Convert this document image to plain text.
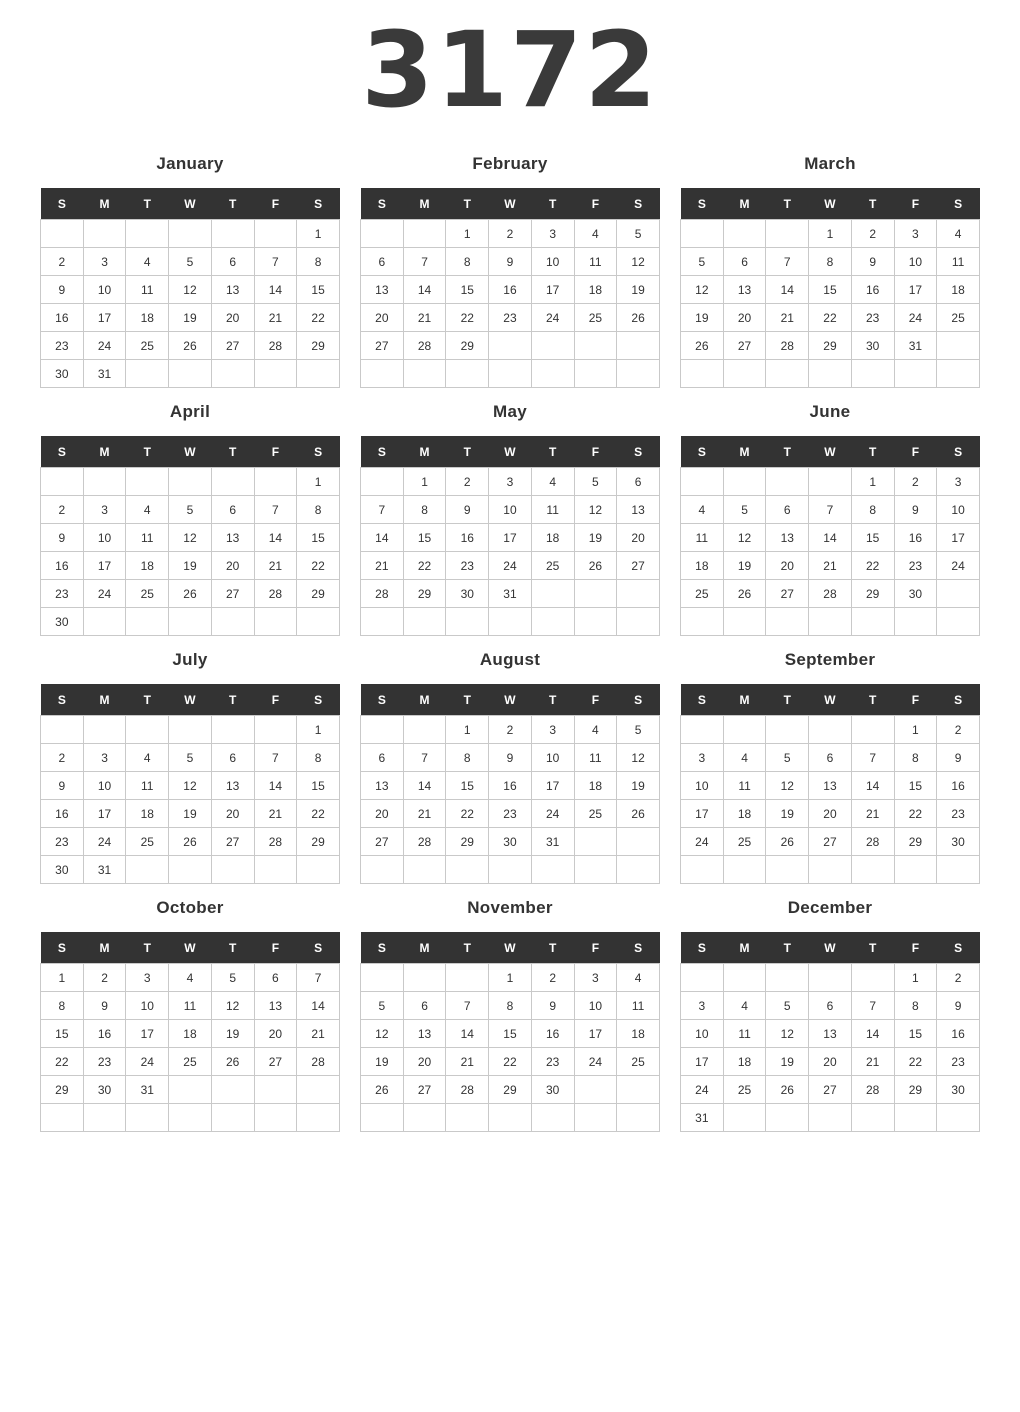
3172
January
S	M	T	W	T	F	S
						1
2	3	4	5	6	7	8
9	10	11	12	13	14	15
16	17	18	19	20	21	22
23	24	25	26	27	28	29
30	31					
February
S	M	T	W	T	F	S
		1	2	3	4	5
6	7	8	9	10	11	12
13	14	15	16	17	18	19
20	21	22	23	24	25	26
27	28	29				

March
S	M	T	W	T	F	S
			1	2	3	4
5	6	7	8	9	10	11
12	13	14	15	16	17	18
19	20	21	22	23	24	25
26	27	28	29	30	31	

April
S	M	T	W	T	F	S
						1
2	3	4	5	6	7	8
9	10	11	12	13	14	15
16	17	18	19	20	21	22
23	24	25	26	27	28	29
30						
May
S	M	T	W	T	F	S
	1	2	3	4	5	6
7	8	9	10	11	12	13
14	15	16	17	18	19	20
21	22	23	24	25	26	27
28	29	30	31			

June
S	M	T	W	T	F	S
				1	2	3
4	5	6	7	8	9	10
11	12	13	14	15	16	17
18	19	20	21	22	23	24
25	26	27	28	29	30	

July
S	M	T	W	T	F	S
						1
2	3	4	5	6	7	8
9	10	11	12	13	14	15
16	17	18	19	20	21	22
23	24	25	26	27	28	29
30	31					
August
S	M	T	W	T	F	S
		1	2	3	4	5
6	7	8	9	10	11	12
13	14	15	16	17	18	19
20	21	22	23	24	25	26
27	28	29	30	31		

September
S	M	T	W	T	F	S
					1	2
3	4	5	6	7	8	9
10	11	12	13	14	15	16
17	18	19	20	21	22	23
24	25	26	27	28	29	30

October
S	M	T	W	T	F	S
1	2	3	4	5	6	7
8	9	10	11	12	13	14
15	16	17	18	19	20	21
22	23	24	25	26	27	28
29	30	31				

November
S	M	T	W	T	F	S
			1	2	3	4
5	6	7	8	9	10	11
12	13	14	15	16	17	18
19	20	21	22	23	24	25
26	27	28	29	30		

December
S	M	T	W	T	F	S
					1	2
3	4	5	6	7	8	9
10	11	12	13	14	15	16
17	18	19	20	21	22	23
24	25	26	27	28	29	30
31						
